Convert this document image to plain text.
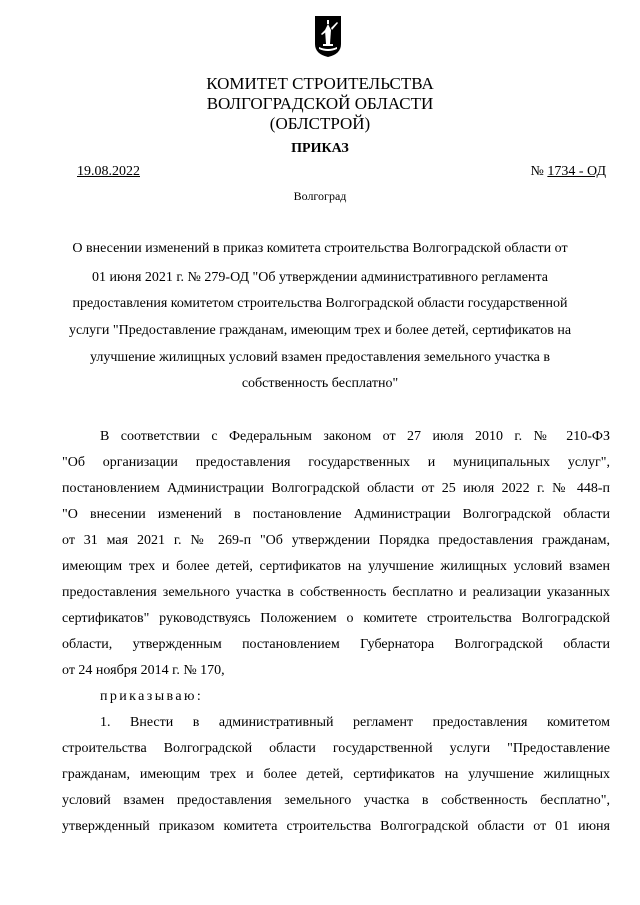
КОМИТЕТ СТРОИТЕЛЬСТВА
ВОЛГОГРАДСКОЙ ОБЛАСТИ
(ОБЛСТРОЙ)
ПРИКАЗ
19.08.2022	№ 1734 - ОД
Волгоград
О внесении изменений в приказ комитета строительства Волгоградской области от
01 июня 2021 г. № 279-ОД "Об утверждении административного регламента
предоставления комитетом строительства Волгоградской области государственной
услуги "Предоставление гражданам, имеющим трех и более детей, сертификатов на
улучшение жилищных условий взамен предоставления земельного участка в
собственность бесплатно"
В соответствии с Федеральным законом от 27 июля 2010 г. № 210-ФЗ
"Об организации предоставления государственных и муниципальных услуг",
постановлением Администрации Волгоградской области от 25 июля 2022 г. № 448-п
"О внесении изменений в постановление Администрации Волгоградской области
от 31 мая 2021 г. № 269-п "Об утверждении Порядка предоставления гражданам,
имеющим трех и более детей, сертификатов на улучшение жилищных условий взамен
предоставления земельного участка в собственность бесплатно и реализации указанных
сертификатов" руководствуясь Положением о комитете строительства Волгоградской
области, утвержденным постановлением Губернатора Волгоградской области
от 24 ноября 2014 г. № 170,
приказываю:
1. Внести в административный регламент предоставления комитетом
строительства Волгоградской области государственной услуги "Предоставление
гражданам, имеющим трех и более детей, сертификатов на улучшение жилищных
условий взамен предоставления земельного участка в собственность бесплатно",
утвержденный приказом комитета строительства Волгоградской области от 01 июня
